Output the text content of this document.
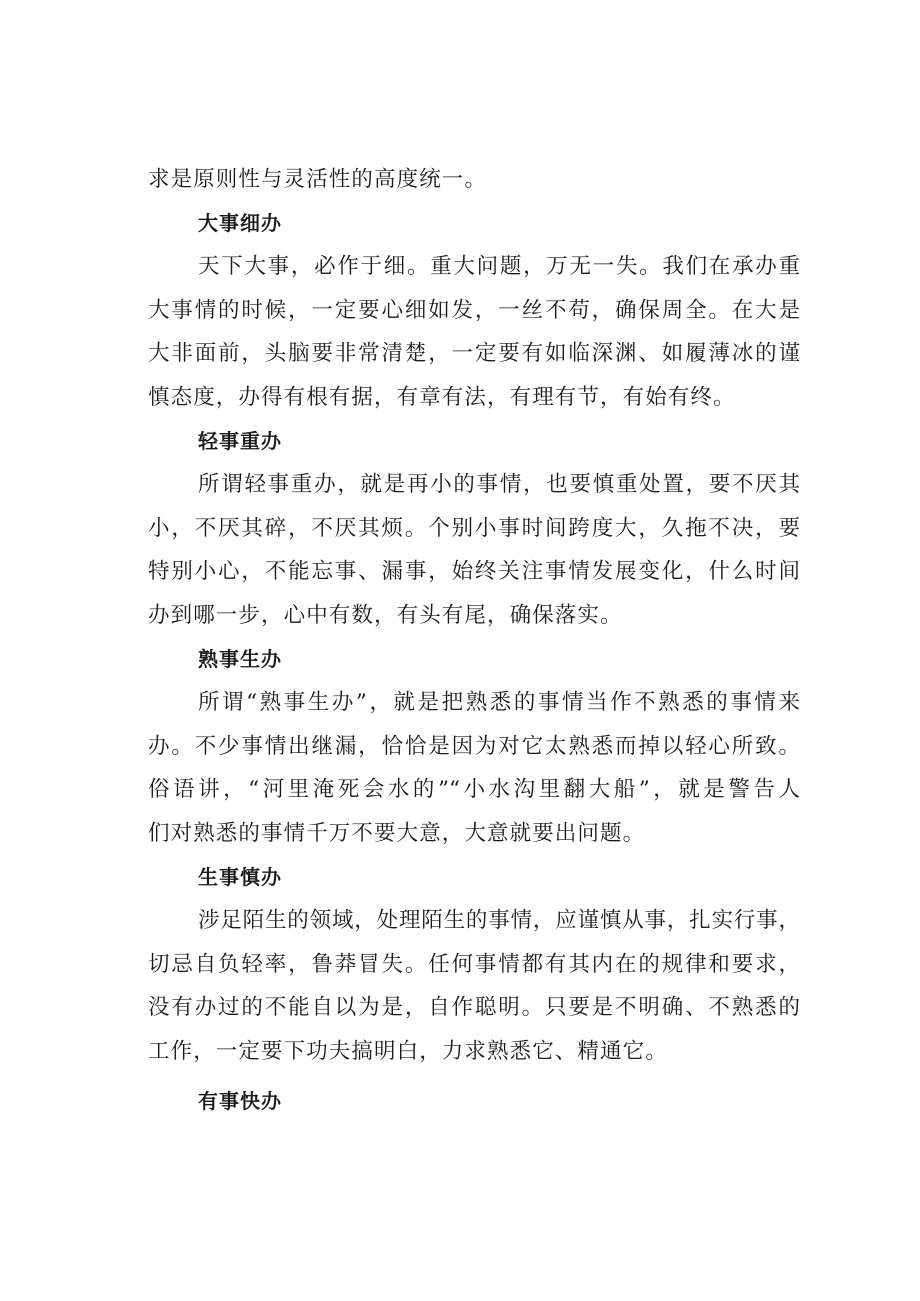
求是原则性与灵活性的高度统一。
大事细办
天下大事，必作于细。重大问题，万无一失。我们在承办重
大事情的时候，一定要心细如发，一丝不苟，确保周全。在大是
大非面前，头脑要非常清楚，一定要有如临深渊、如履薄冰的谨
慎态度，办得有根有据，有章有法，有理有节，有始有终。
轻事重办
所谓轻事重办，就是再小的事情，也要慎重处置，要不厌其
小，不厌其碎，不厌其烦。个别小事时间跨度大，久拖不决，要
特别小心，不能忘事、漏事，始终关注事情发展变化，什么时间
办到哪一步，心中有数，有头有尾，确保落实。
熟事生办
所谓“熟事生办”，就是把熟悉的事情当作不熟悉的事情来
办。不少事情出继漏，恰恰是因为对它太熟悉而掉以轻心所致。
俗语讲，“河里淹死会水的”“小水沟里翻大船”，就是警告人
们对熟悉的事情千万不要大意，大意就要出问题。
生事慎办
涉足陌生的领域，处理陌生的事情，应谨慎从事，扎实行事，
切忌自负轻率，鲁莽冒失。任何事情都有其内在的规律和要求，
没有办过的不能自以为是，自作聪明。只要是不明确、不熟悉的
工作，一定要下功夫搞明白，力求熟悉它、精通它。
有事快办
